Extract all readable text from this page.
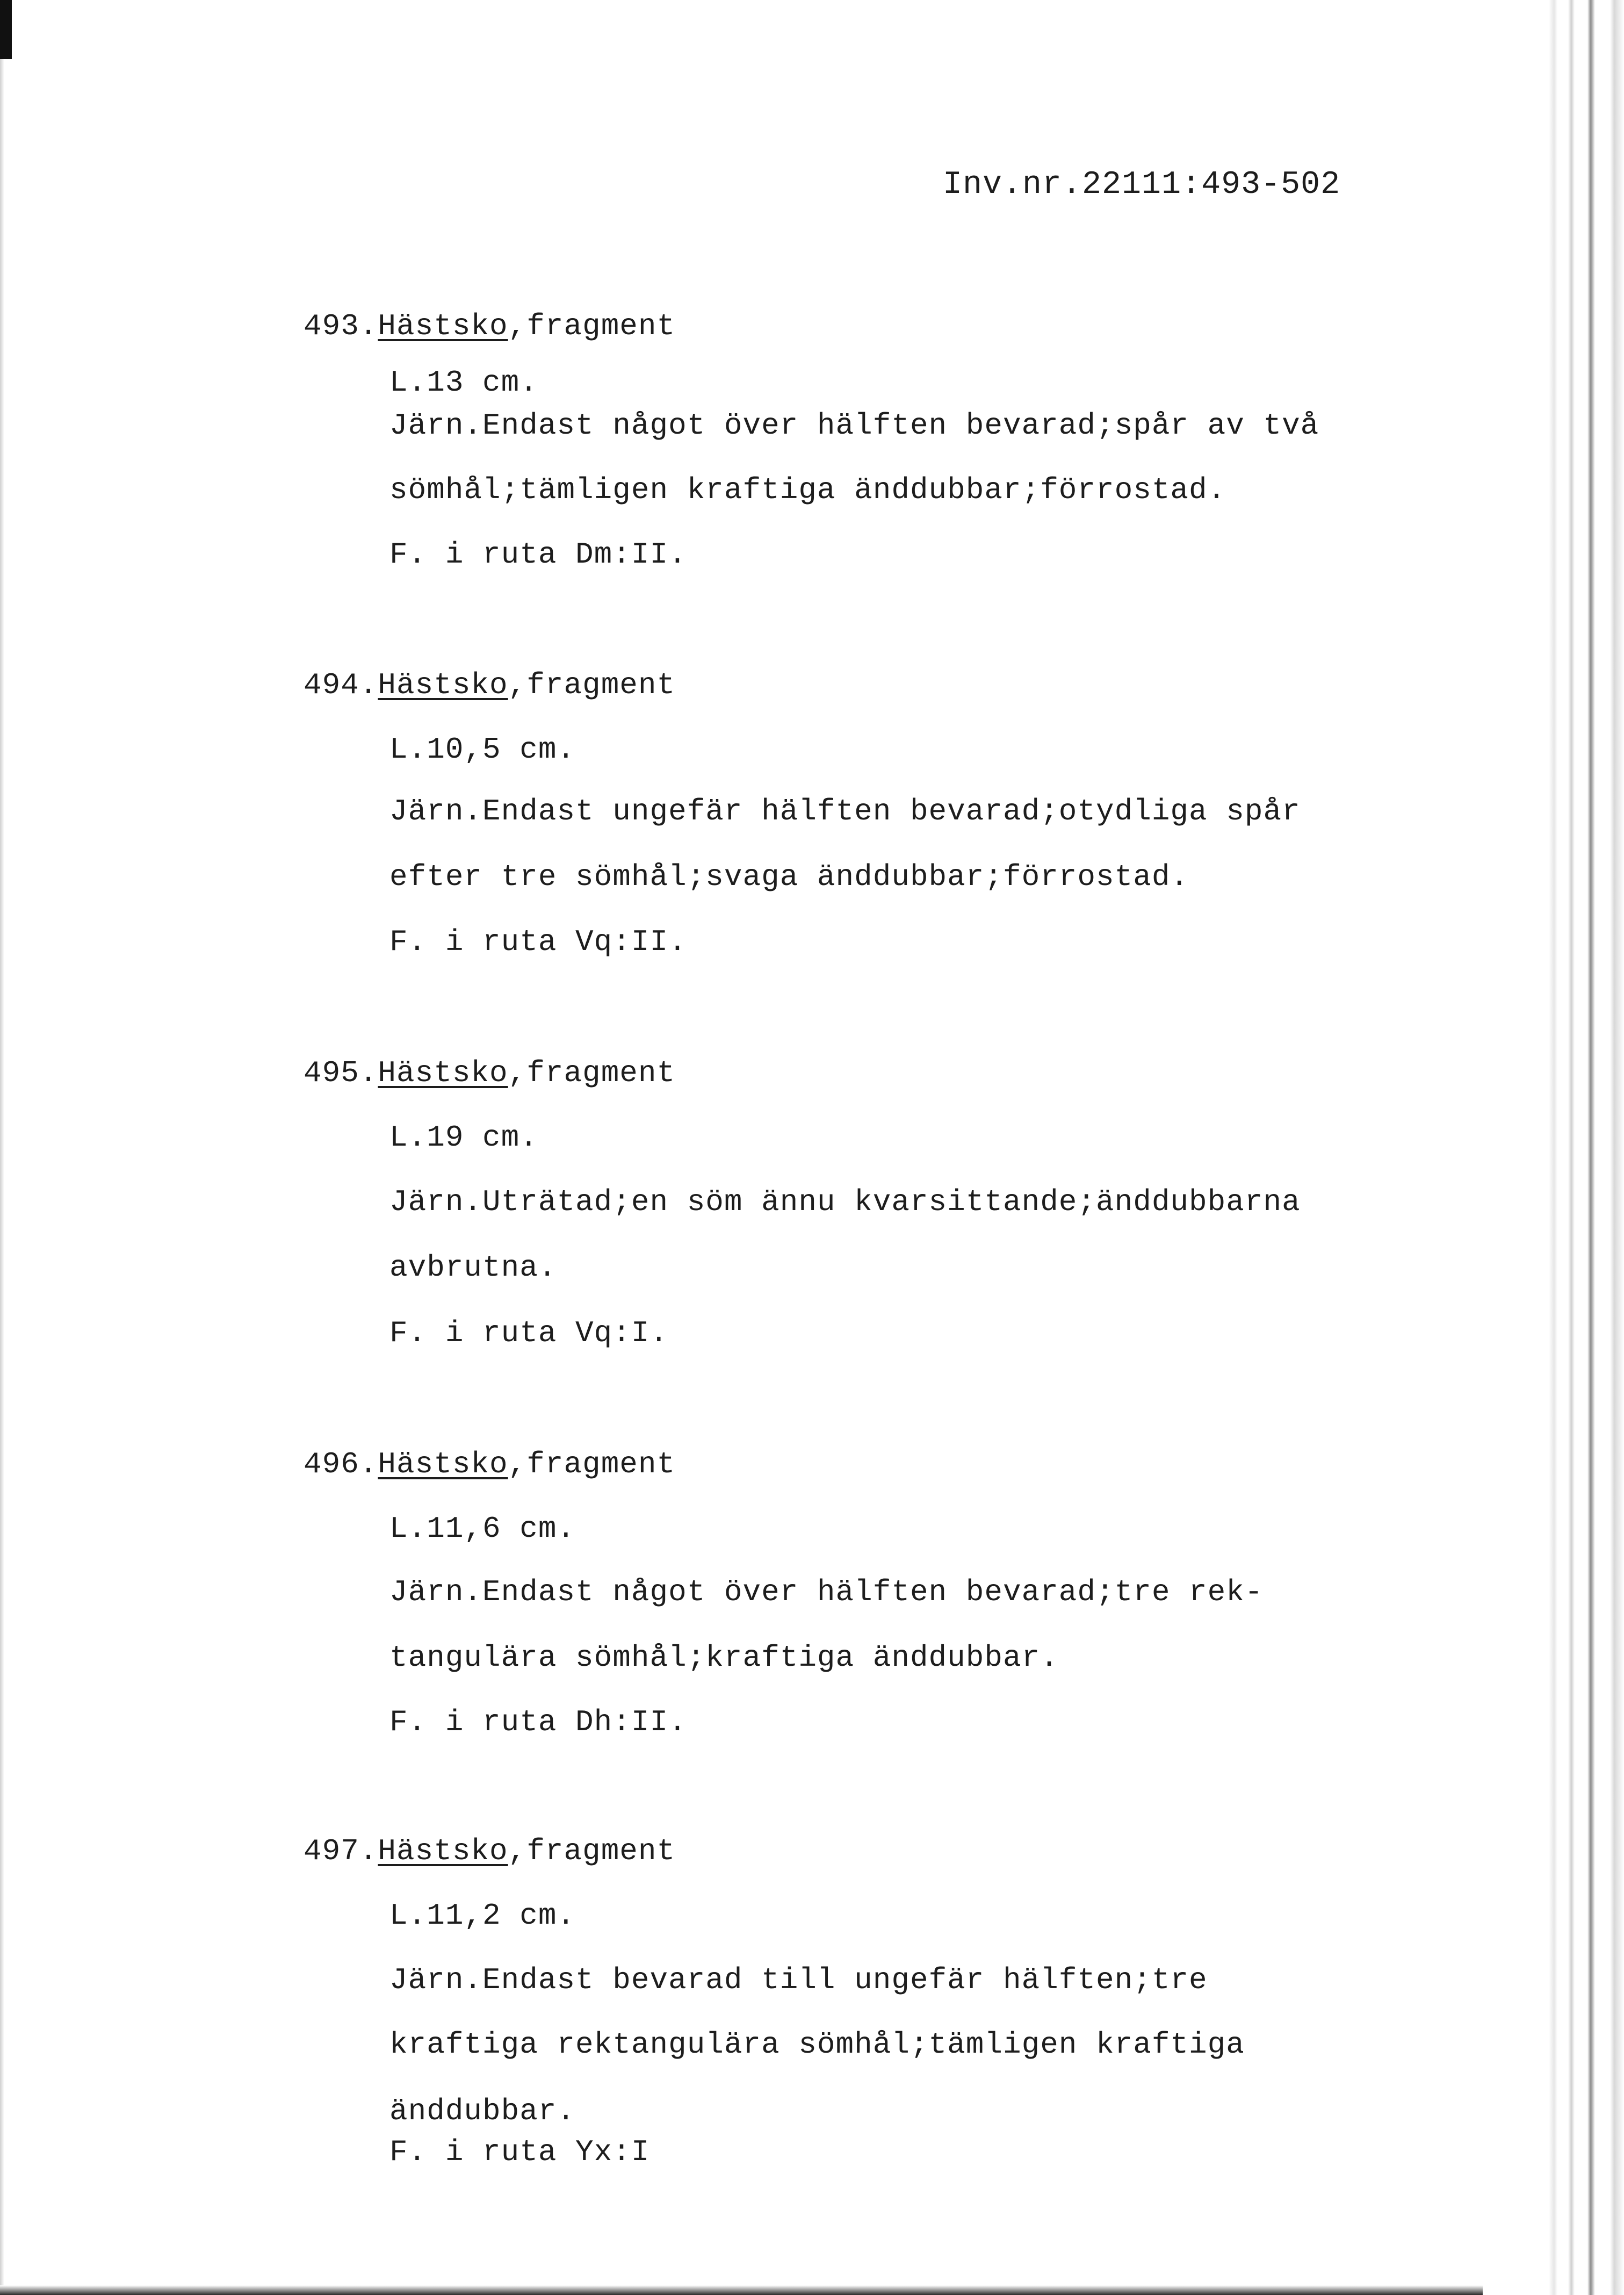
Inv.nr.22111:493-502
493.Hästsko,fragment
L.13 cm.
Järn.Endast något över hälften bevarad;spår av två
sömhål;tämligen kraftiga änddubbar;förrostad.
F. i ruta Dm:II.
494.Hästsko,fragment
L.10,5 cm.
Järn.Endast ungefär hälften bevarad;otydliga spår
efter tre sömhål;svaga änddubbar;förrostad.
F. i ruta Vq:II.
495.Hästsko,fragment
L.19 cm.
Järn.Uträtad;en söm ännu kvarsittande;änddubbarna
avbrutna.
F. i ruta Vq:I.
496.Hästsko,fragment
L.11,6 cm.
Järn.Endast något över hälften bevarad;tre rek-
tangulära sömhål;kraftiga änddubbar.
F. i ruta Dh:II.
497.Hästsko,fragment
L.11,2 cm.
Järn.Endast bevarad till ungefär hälften;tre
kraftiga rektangulära sömhål;tämligen kraftiga
änddubbar.
F. i ruta Yx:I
